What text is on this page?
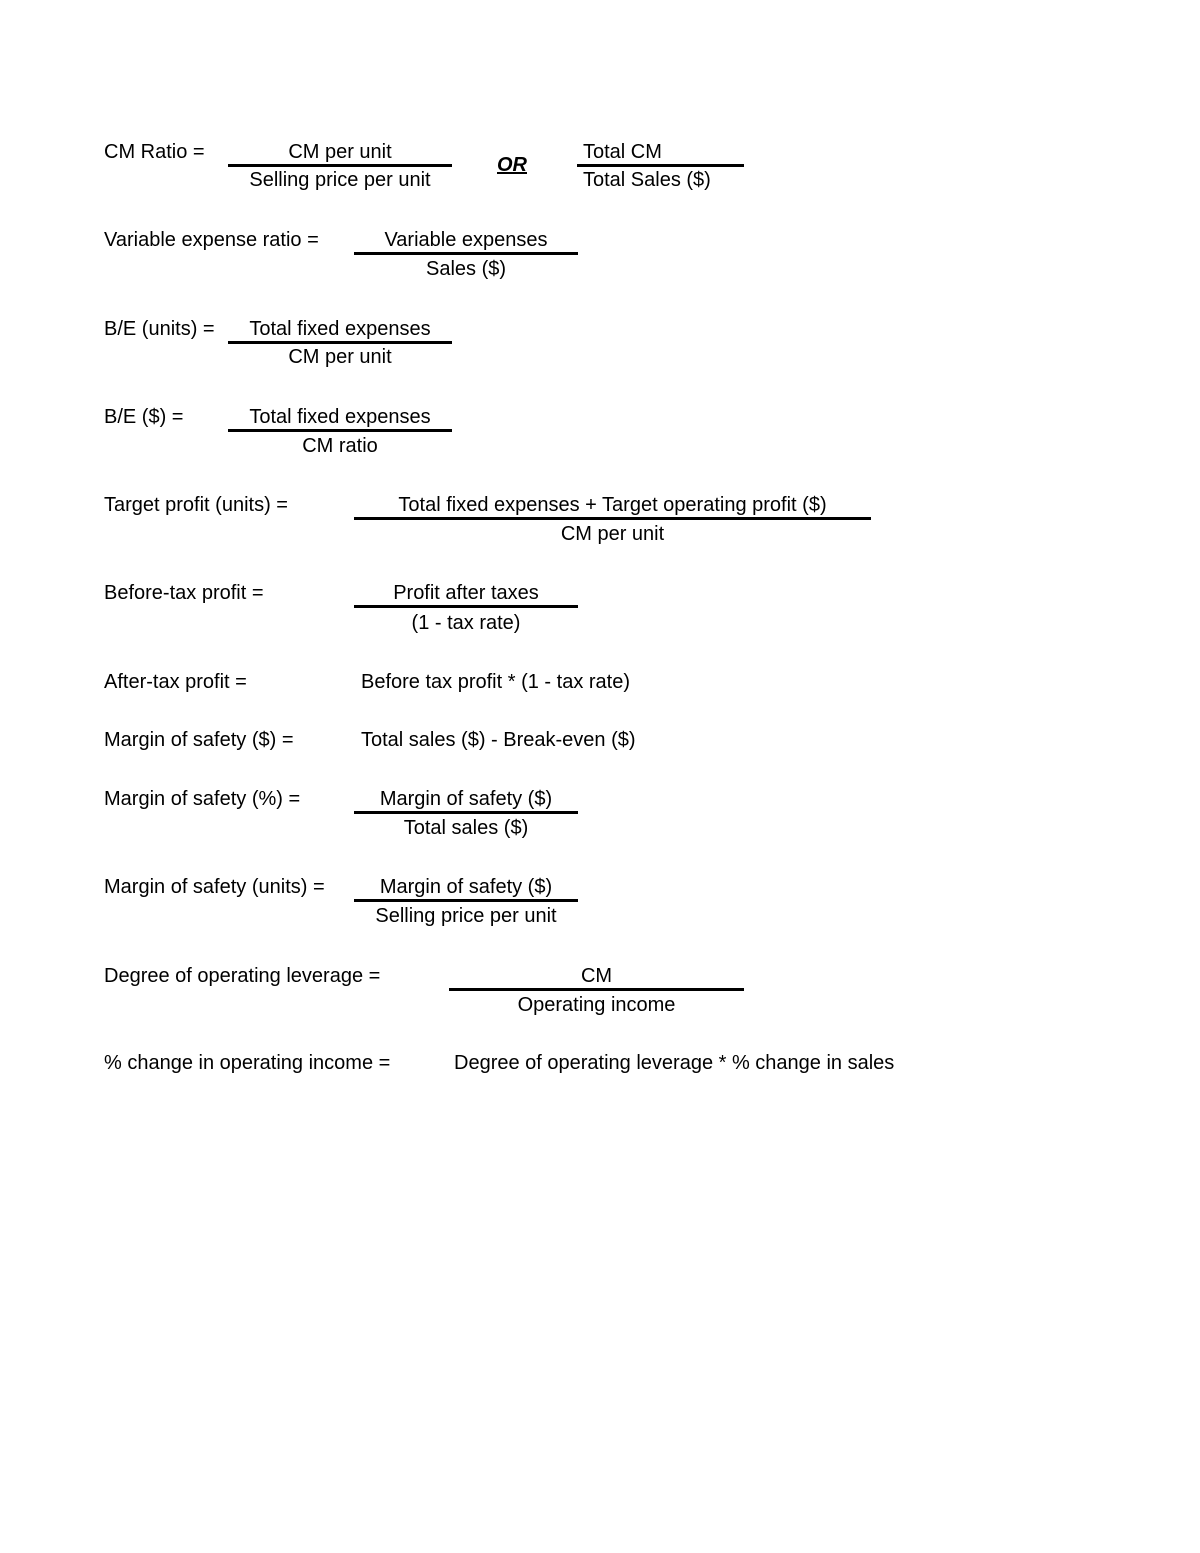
CM Ratio =	CM per unit
Selling price per unit
OR
Total CM
Total Sales ($)
Variable expense ratio =	Variable expenses
Sales ($)
B/E (units) =	Total fixed expenses
CM per unit
B/E ($) =	Total fixed expenses
CM ratio
Target profit (units) =	Total fixed expenses + Target operating profit ($)
CM per unit
Before-tax profit =	Profit after taxes
(1 - tax rate)
After-tax profit =	Before tax profit * (1 - tax rate)
Margin of safety ($) =	Total sales ($) - Break-even ($)
Margin of safety (%) =	Margin of safety ($)
Total sales ($)
Margin of safety (units) =	Margin of safety ($)
Selling price per unit
Degree of operating leverage =	CM
Operating income
% change in operating income =	Degree of operating leverage * % change in sales
